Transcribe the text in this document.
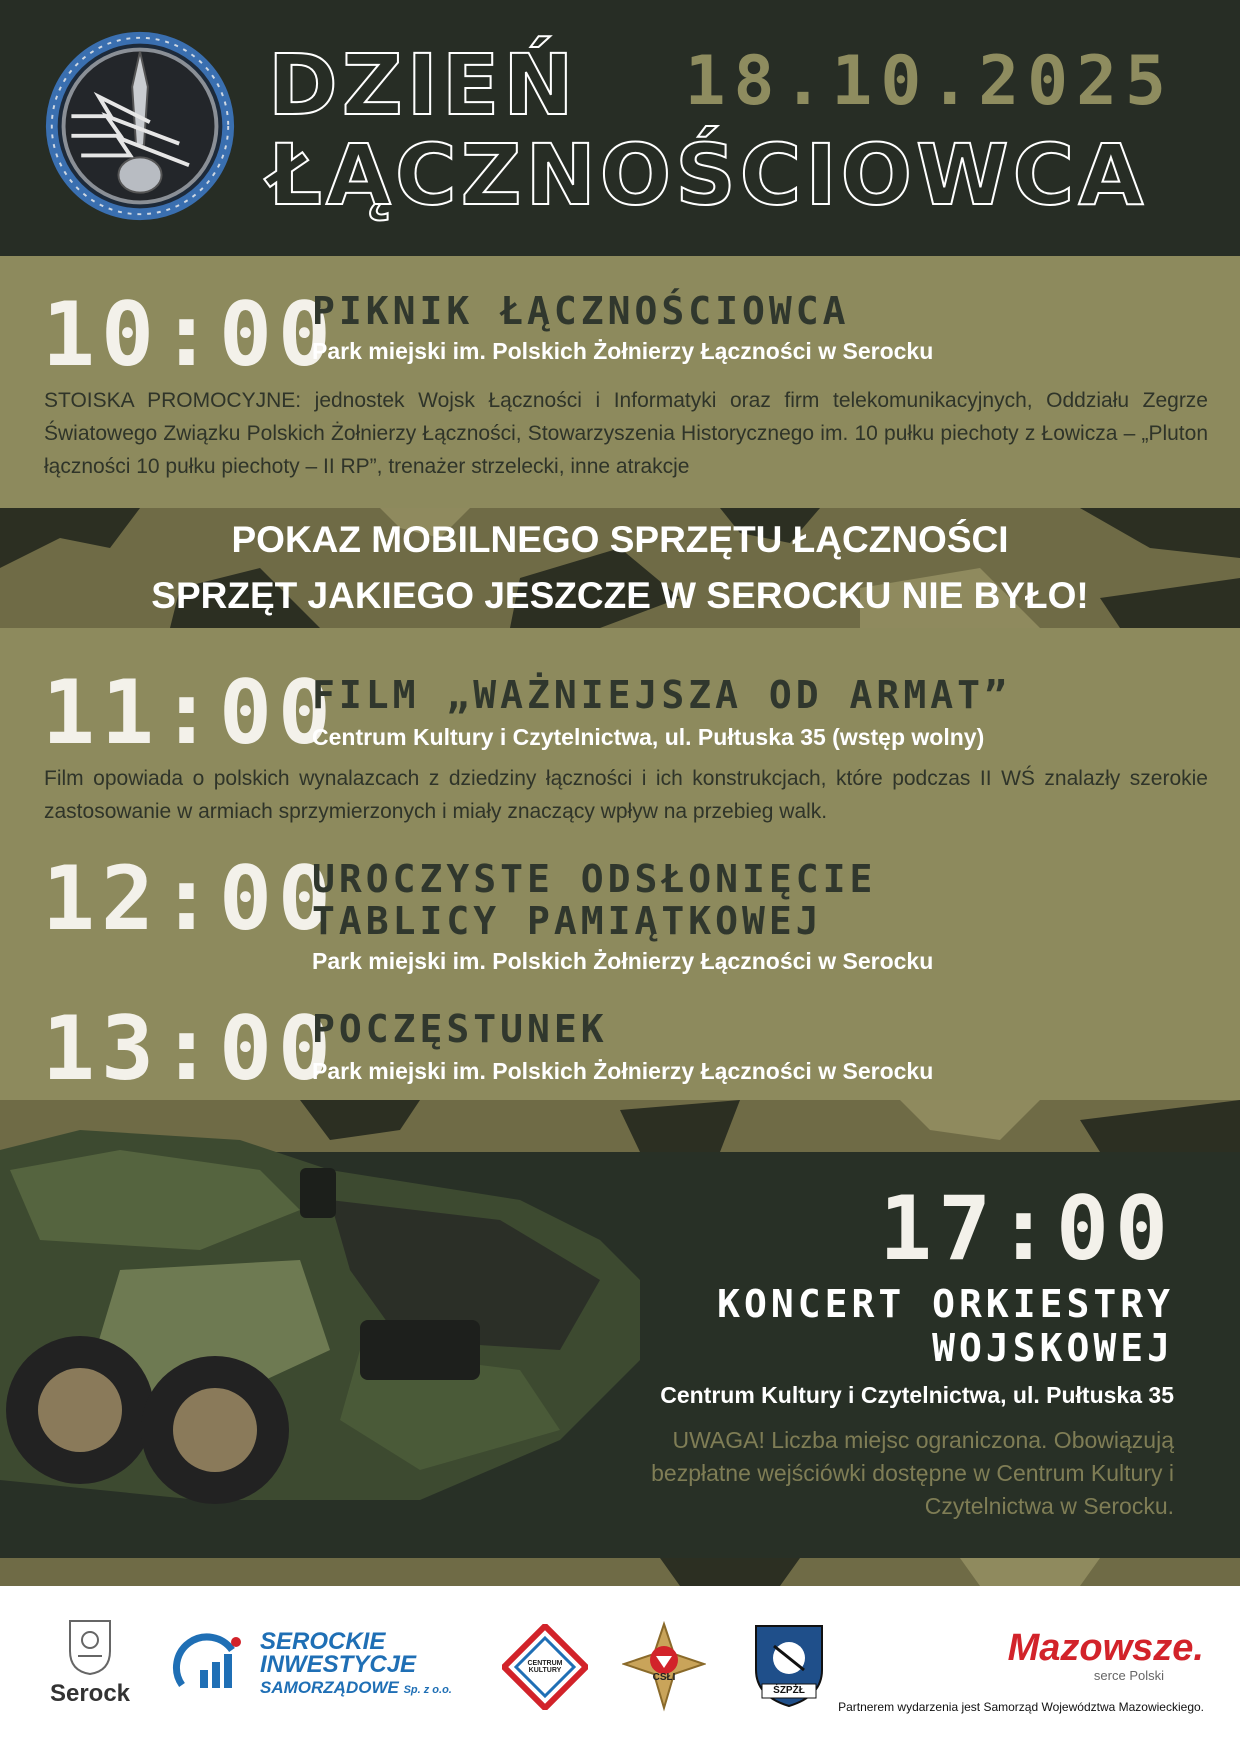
DZIEŃ
ŁĄCZNOŚCIOWCA
18.10.2025
10:00
PIKNIK ŁĄCZNOŚCIOWCA
Park miejski im. Polskich Żołnierzy Łączności w Serocku
STOISKA PROMOCYJNE: jednostek Wojsk Łączności i Informatyki oraz firm telekomunikacyjnych, Oddziału Zegrze Światowego Związku Polskich Żołnierzy Łączności, Stowarzyszenia Historycznego im. 10 pułku piechoty z Łowicza – „Pluton łączności 10 pułku piechoty – II RP”, trenażer strzelecki, inne atrakcje
POKAZ MOBILNEGO SPRZĘTU ŁĄCZNOŚCI
SPRZĘT JAKIEGO JESZCZE W SEROCKU NIE BYŁO!
11:00
FILM „WAŻNIEJSZA OD ARMAT”
Centrum Kultury i Czytelnictwa, ul. Pułtuska 35 (wstęp wolny)
Film opowiada o polskich wynalazcach z dziedziny łączności i ich konstrukcjach, które podczas II WŚ znalazły szerokie zastosowanie w armiach sprzymierzonych i miały znaczący wpływ na przebieg walk.
12:00
UROCZYSTE ODSŁONIĘCIE
TABLICY PAMIĄTKOWEJ
Park miejski im. Polskich Żołnierzy Łączności w Serocku
13:00
POCZĘSTUNEK
Park miejski im. Polskich Żołnierzy Łączności w Serocku
17:00
KONCERT ORKIESTRY
WOJSKOWEJ
Centrum Kultury i Czytelnictwa, ul. Pułtuska 35
UWAGA! Liczba miejsc ograniczona. Obowiązują bezpłatne wejściówki dostępne w Centrum Kultury i Czytelnictwa w Serocku.
Serock
SEROCKIE
INWESTYCJE
SAMORZĄDOWE Sp. z o.o.
CENTRUM KULTURY
CSŁI
ŚZPŻŁ
Mazowsze.
serce Polski
Partnerem wydarzenia jest Samorząd Województwa Mazowieckiego.
